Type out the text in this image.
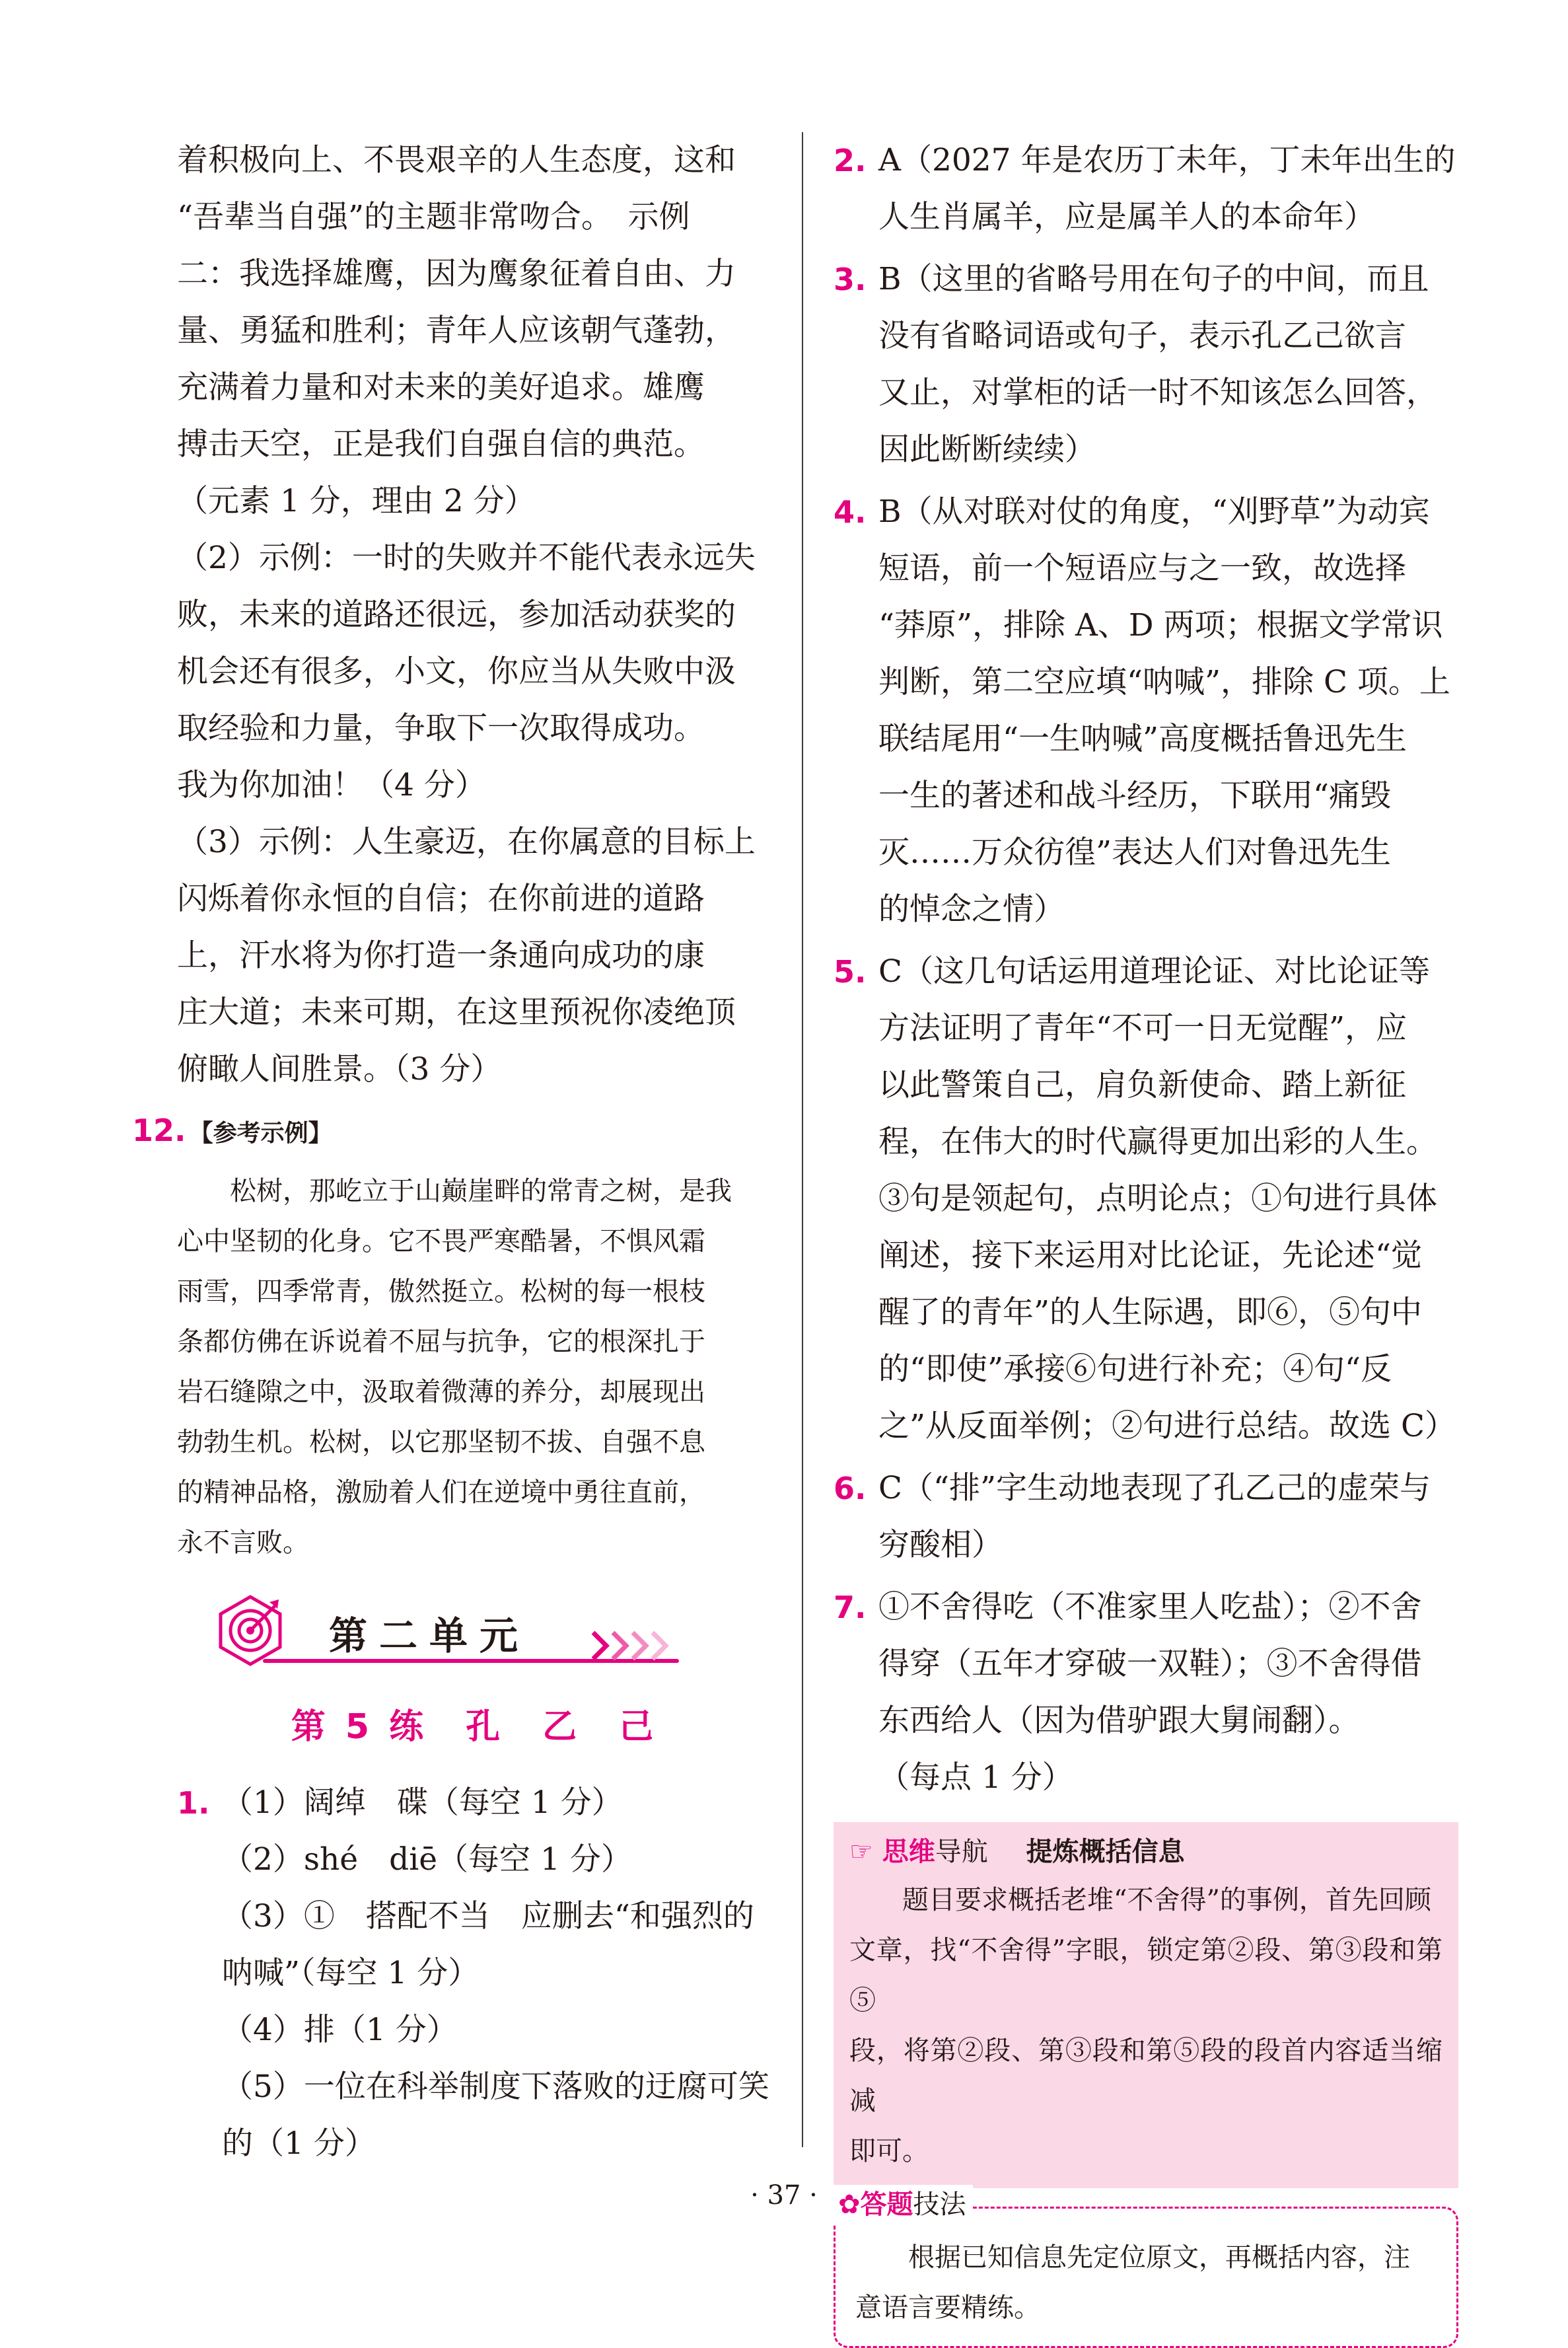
着积极向上、不畏艰辛的人生态度，这和
“吾辈当自强”的主题非常吻合。　示例
二：我选择雄鹰，因为鹰象征着自由、力
量、勇猛和胜利；青年人应该朝气蓬勃，
充满着力量和对未来的美好追求。雄鹰
搏击天空，正是我们自强自信的典范。
（元素 1 分，理由 2 分）
（2）示例：一时的失败并不能代表永远失
败，未来的道路还很远，参加活动获奖的
机会还有很多，小文，你应当从失败中汲
取经验和力量，争取下一次取得成功。
我为你加油！（4 分）
（3）示例：人生豪迈，在你属意的目标上
闪烁着你永恒的自信；在你前进的道路
上，汗水将为你打造一条通向成功的康
庄大道；未来可期，在这里预祝你凌绝顶
俯瞰人间胜景。（3 分）
12. 【参考示例】
松树，那屹立于山巅崖畔的常青之树，是我
心中坚韧的化身。它不畏严寒酷暑，不惧风霜
雨雪，四季常青，傲然挺立。松树的每一根枝
条都仿佛在诉说着不屈与抗争，它的根深扎于
岩石缝隙之中，汲取着微薄的养分，却展现出
勃勃生机。松树，以它那坚韧不拔、自强不息
的精神品格，激励着人们在逆境中勇往直前，
永不言败。
第二单元
第 5 练　孔　乙　己
1. （1）阔绰　碟（每空 1 分）
（2）shé　diē（每空 1 分）
（3）①　搭配不当　应删去“和强烈的
呐喊”（每空 1 分）
（4）排（1 分）
（5）一位在科举制度下落败的迂腐可笑
的（1 分）
2. A（2027 年是农历丁未年，丁未年出生的
人生肖属羊，应是属羊人的本命年）
3. B（这里的省略号用在句子的中间，而且
没有省略词语或句子，表示孔乙己欲言
又止，对掌柜的话一时不知该怎么回答，
因此断断续续）
4. B（从对联对仗的角度，“刈野草”为动宾
短语，前一个短语应与之一致，故选择
“莽原”，排除 A、D 两项；根据文学常识
判断，第二空应填“呐喊”，排除 C 项。上
联结尾用“一生呐喊”高度概括鲁迅先生
一生的著述和战斗经历，下联用“痛毁
灭……万众彷徨”表达人们对鲁迅先生
的悼念之情）
5. C（这几句话运用道理论证、对比论证等
方法证明了青年“不可一日无觉醒”，应
以此警策自己，肩负新使命、踏上新征
程，在伟大的时代赢得更加出彩的人生。
③句是领起句，点明论点；①句进行具体
阐述，接下来运用对比论证，先论述“觉
醒了的青年”的人生际遇，即⑥，⑤句中
的“即使”承接⑥句进行补充；④句“反
之”从反面举例；②句进行总结。故选 C）
6. C（“排”字生动地表现了孔乙己的虚荣与
穷酸相）
7. ①不舍得吃（不准家里人吃盐）；②不舍
得穿（五年才穿破一双鞋）；③不舍得借
东西给人（因为借驴跟大舅闹翻）。
（每点 1 分）
☞ 思维导航 提炼概括信息
题目要求概括老堆“不舍得”的事例，首先回顾
文章，找“不舍得”字眼，锁定第②段、第③段和第⑤
段，将第②段、第③段和第⑤段的段首内容适当缩减
即可。
✿答题技法
根据已知信息先定位原文，再概括内容，注
意语言要精练。
· 37 ·
